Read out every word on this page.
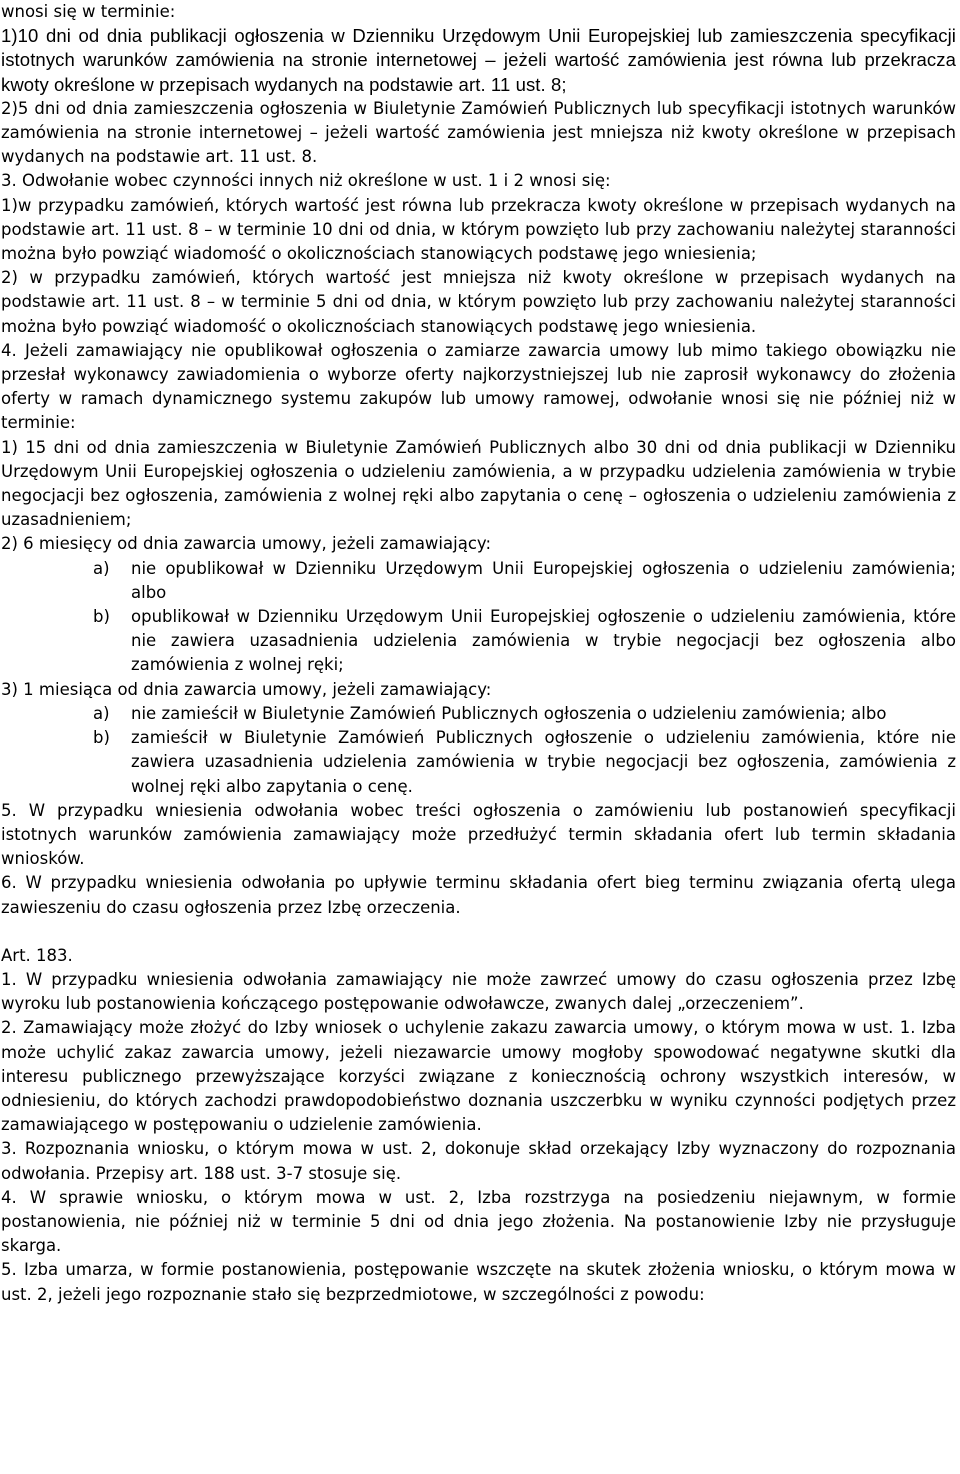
wnosi się w terminie:

1)10 dni od dnia publikacji ogłoszenia w Dzienniku Urzędowym Unii Europejskiej lub zamieszczenia specyfikacji istotnych warunków zamówienia na stronie internetowej – jeżeli wartość zamówienia jest równa lub przekracza kwoty określone w przepisach wydanych na podstawie art. 11 ust. 8;

2)5 dni od dnia zamieszczenia ogłoszenia w Biuletynie Zamówień Publicznych lub specyfikacji istotnych warunków zamówienia na stronie internetowej – jeżeli wartość zamówienia jest mniejsza niż kwoty określone w przepisach wydanych na podstawie art. 11 ust. 8.

3. Odwołanie wobec czynności innych niż określone w ust. 1 i 2 wnosi się:

1)w przypadku zamówień, których wartość jest równa lub przekracza kwoty określone w przepisach wydanych na podstawie art. 11 ust. 8 – w terminie 10 dni od dnia, w którym powzięto lub przy zachowaniu należytej staranności można było powziąć wiadomość o okolicznościach stanowiących podstawę jego wniesienia;

2) w przypadku zamówień, których wartość jest mniejsza niż kwoty określone w przepisach wydanych na podstawie art. 11 ust. 8 – w terminie 5 dni od dnia, w którym powzięto lub przy zachowaniu należytej staranności można było powziąć wiadomość o okolicznościach stanowiących podstawę jego wniesienia.

4. Jeżeli zamawiający nie opublikował ogłoszenia o zamiarze zawarcia umowy lub mimo takiego obowiązku nie przesłał wykonawcy zawiadomienia o wyborze oferty najkorzystniejszej lub nie zaprosił wykonawcy do złożenia oferty w ramach dynamicznego systemu zakupów lub umowy ramowej, odwołanie wnosi się nie później niż w terminie:

1) 15 dni od dnia zamieszczenia w Biuletynie Zamówień Publicznych albo 30 dni od dnia publikacji w Dzienniku Urzędowym Unii Europejskiej ogłoszenia o udzieleniu zamówienia, a w przypadku udzielenia zamówienia w trybie negocjacji bez ogłoszenia, zamówienia z wolnej ręki albo zapytania o cenę – ogłoszenia o udzieleniu zamówienia z uzasadnieniem;

2) 6 miesięcy od dnia zawarcia umowy, jeżeli zamawiający:

a)	nie opublikował w Dzienniku Urzędowym Unii Europejskiej ogłoszenia o udzieleniu zamówienia; albo
b)	opublikował w Dzienniku Urzędowym Unii Europejskiej ogłoszenie o udzieleniu zamówienia, które nie zawiera uzasadnienia udzielenia zamówienia w trybie negocjacji bez ogłoszenia albo zamówienia z wolnej ręki;

3) 1 miesiąca od dnia zawarcia umowy, jeżeli zamawiający:

a)	nie zamieścił w Biuletynie Zamówień Publicznych ogłoszenia o udzieleniu zamówienia; albo
b)	zamieścił w Biuletynie Zamówień Publicznych ogłoszenie o udzieleniu zamówienia, które nie zawiera uzasadnienia udzielenia zamówienia w trybie negocjacji bez ogłoszenia, zamówienia z wolnej ręki albo zapytania o cenę.

5. W przypadku wniesienia odwołania wobec treści ogłoszenia o zamówieniu lub postanowień specyfikacji istotnych warunków zamówienia zamawiający może przedłużyć termin składania ofert lub termin składania wniosków.

6. W przypadku wniesienia odwołania po upływie terminu składania ofert bieg terminu związania ofertą ulega zawieszeniu do czasu ogłoszenia przez Izbę orzeczenia.

Art. 183.

1. W przypadku wniesienia odwołania zamawiający nie może zawrzeć umowy do czasu ogłoszenia przez Izbę wyroku lub postanowienia kończącego postępowanie odwoławcze, zwanych dalej „orzeczeniem”.

2. Zamawiający może złożyć do Izby wniosek o uchylenie zakazu zawarcia umowy, o którym mowa w ust. 1. Izba może uchylić zakaz zawarcia umowy, jeżeli niezawarcie umowy mogłoby spowodować negatywne skutki dla interesu publicznego przewyższające korzyści związane z koniecznością ochrony wszystkich interesów, w odniesieniu, do których zachodzi prawdopodobieństwo doznania uszczerbku w wyniku czynności podjętych przez zamawiającego w postępowaniu o udzielenie zamówienia.

3. Rozpoznania wniosku, o którym mowa w ust. 2, dokonuje skład orzekający Izby wyznaczony do rozpoznania odwołania. Przepisy art. 188 ust. 3-7 stosuje się.

4. W sprawie wniosku, o którym mowa w ust. 2, Izba rozstrzyga na posiedzeniu niejawnym, w formie postanowienia, nie później niż w terminie 5 dni od dnia jego złożenia. Na postanowienie Izby nie przysługuje skarga.

5. Izba umarza, w formie postanowienia, postępowanie wszczęte na skutek złożenia wniosku, o którym mowa w ust. 2, jeżeli jego rozpoznanie stało się bezprzedmiotowe, w szczególności z powodu:
